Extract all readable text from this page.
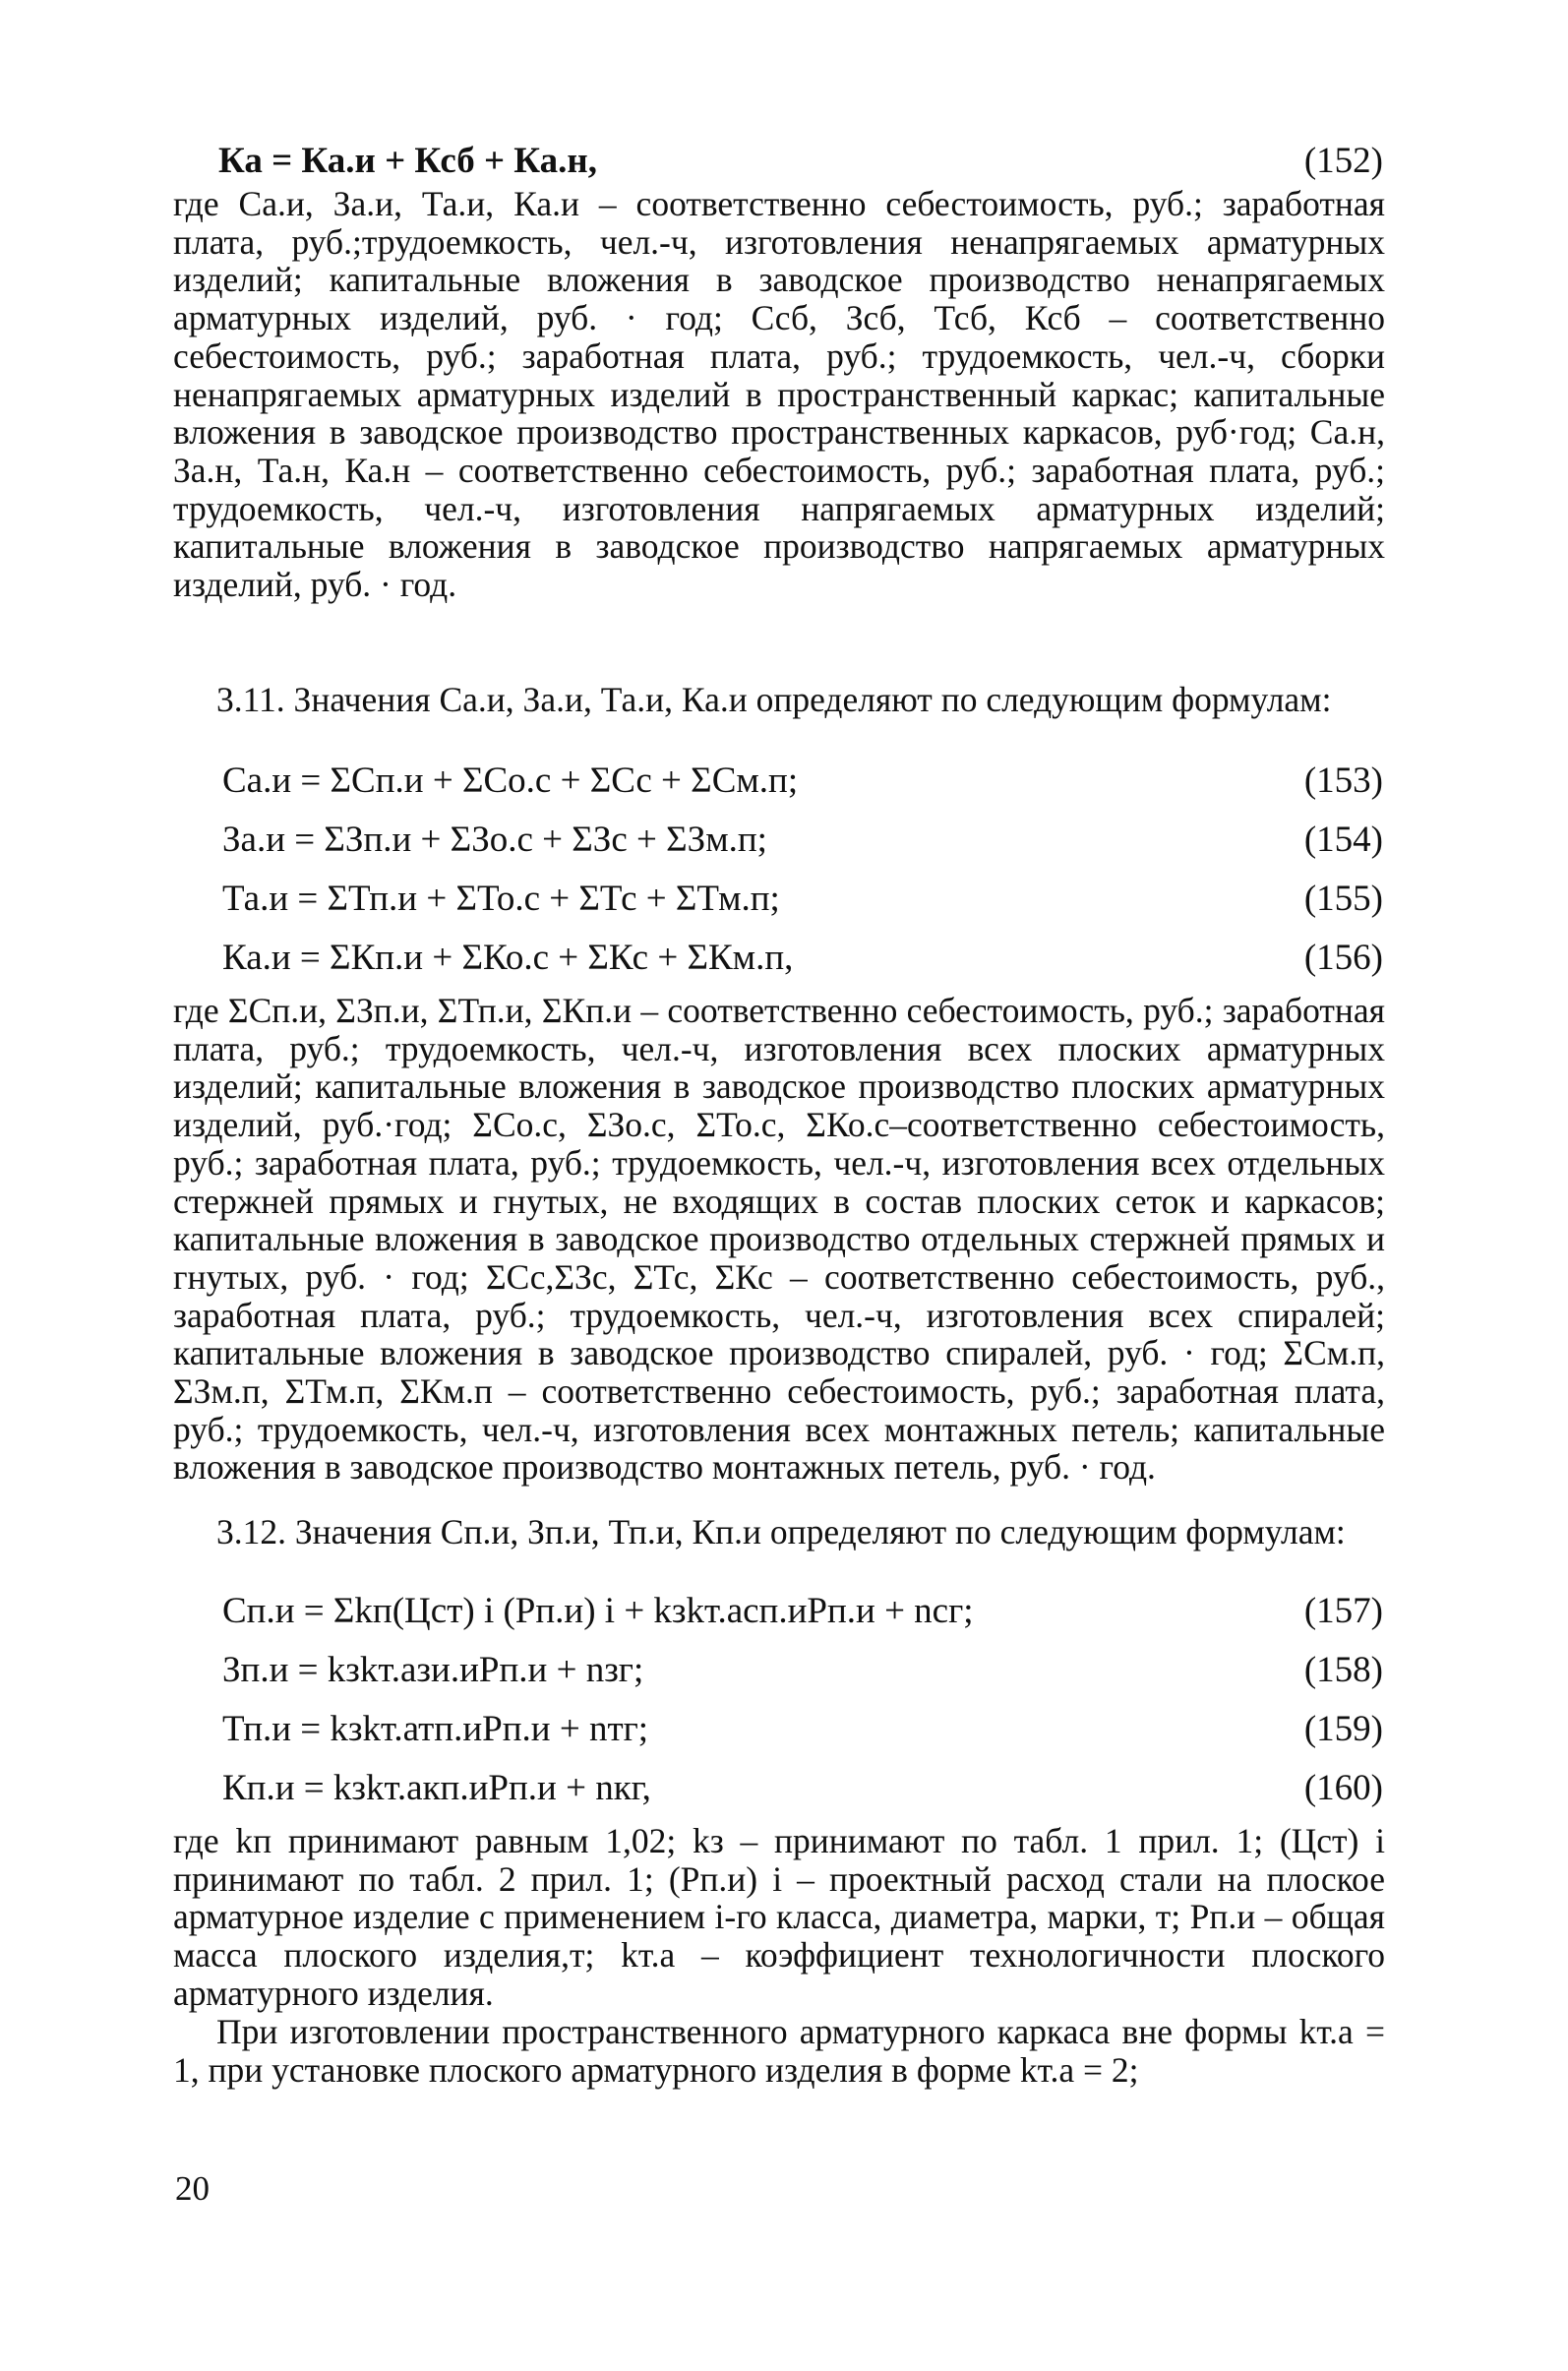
Ка = Ка.и + Ксб + Ка.н,	(152)

где Са.и, За.и, Та.и, Ка.и – соответственно себестоимость, руб.; заработная плата, руб.;трудоемкость, чел.-ч, изготовления ненапрягаемых арматурных изделий; капитальные вложения в заводское производство ненапрягаемых арматурных изделий, руб. · год; Ссб, Зсб, Тсб, Ксб – соответственно себестоимость, руб.; заработная плата, руб.; трудоемкость, чел.-ч, сборки ненапрягаемых арматурных изделий в пространственный каркас; капитальные вложения в заводское производство пространственных каркасов, руб·год; Са.н, За.н, Та.н, Ка.н – соответственно себестоимость, руб.; заработная плата, руб.; трудоемкость, чел.-ч, изготовления напрягаемых арматурных изделий; капитальные вложения в заводское производство напрягаемых арматурных изделий, руб. · год.

3.11. Значения Са.и, За.и, Та.и, Ка.и определяют по следующим формулам:

Са.и = ΣСп.и + ΣСо.с + ΣСс + ΣСм.п;	(153)
За.и = ΣЗп.и + ΣЗо.с + ΣЗс + ΣЗм.п;	(154)
Та.и = ΣТп.и + ΣТо.с + ΣТс + ΣТм.п;	(155)
Ка.и = ΣКп.и + ΣКо.с + ΣКс + ΣКм.п,	(156)

где ΣСп.и, ΣЗп.и, ΣТп.и, ΣКп.и – соответственно себестоимость, руб.; заработная плата, руб.; трудоемкость, чел.-ч, изготовления всех плоских арматурных изделий; капитальные вложения в заводское производство плоских арматурных изделий, руб.·год; ΣСо.с, ΣЗо.с, ΣТо.с, ΣКо.с–соответственно себестоимость, руб.; заработная плата, руб.; трудоемкость, чел.-ч, изготовления всех отдельных стержней прямых и гнутых, не входящих в состав плоских сеток и каркасов; капитальные вложения в заводское производство отдельных стержней прямых и гнутых, руб. · год; ΣСс,ΣЗс, ΣТс, ΣКс – соответственно себестоимость, руб., заработная плата, руб.; трудоемкость, чел.-ч, изготовления всех спиралей; капитальные вложения в заводское производство спиралей, руб. · год; ΣСм.п, ΣЗм.п, ΣТм.п, ΣКм.п – соответственно себестоимость, руб.; заработная плата, руб.; трудоемкость, чел.-ч, изготовления всех монтажных петель; капитальные вложения в заводское производство монтажных петель, руб. · год.

3.12. Значения Сп.и, Зп.и, Тп.и, Кп.и определяют по следующим формулам:

Сп.и = Σkп(Цст) i (Рп.и) i + kзkт.асп.иРп.и + nсг;	(157)
Зп.и = kзkт.ази.иРп.и + nзг;	(158)
Тп.и = kзkт.атп.иРп.и + nтг;	(159)
Кп.и = kзkт.акп.иРп.и + nкг,	(160)

где kп принимают равным 1,02; kз – принимают по табл. 1 прил. 1; (Цст) i принимают по табл. 2 прил. 1; (Рп.и) i – проектный расход стали на плоское арматурное изделие с применением i-го класса, диаметра, марки, т; Рп.и – общая масса плоского изделия,т; kт.а – коэффициент технологичности плоского арматурного изделия.

При изготовлении пространственного арматурного каркаса вне формы kт.а = 1, при установке плоского арматурного изделия в форме kт.а = 2;

20
